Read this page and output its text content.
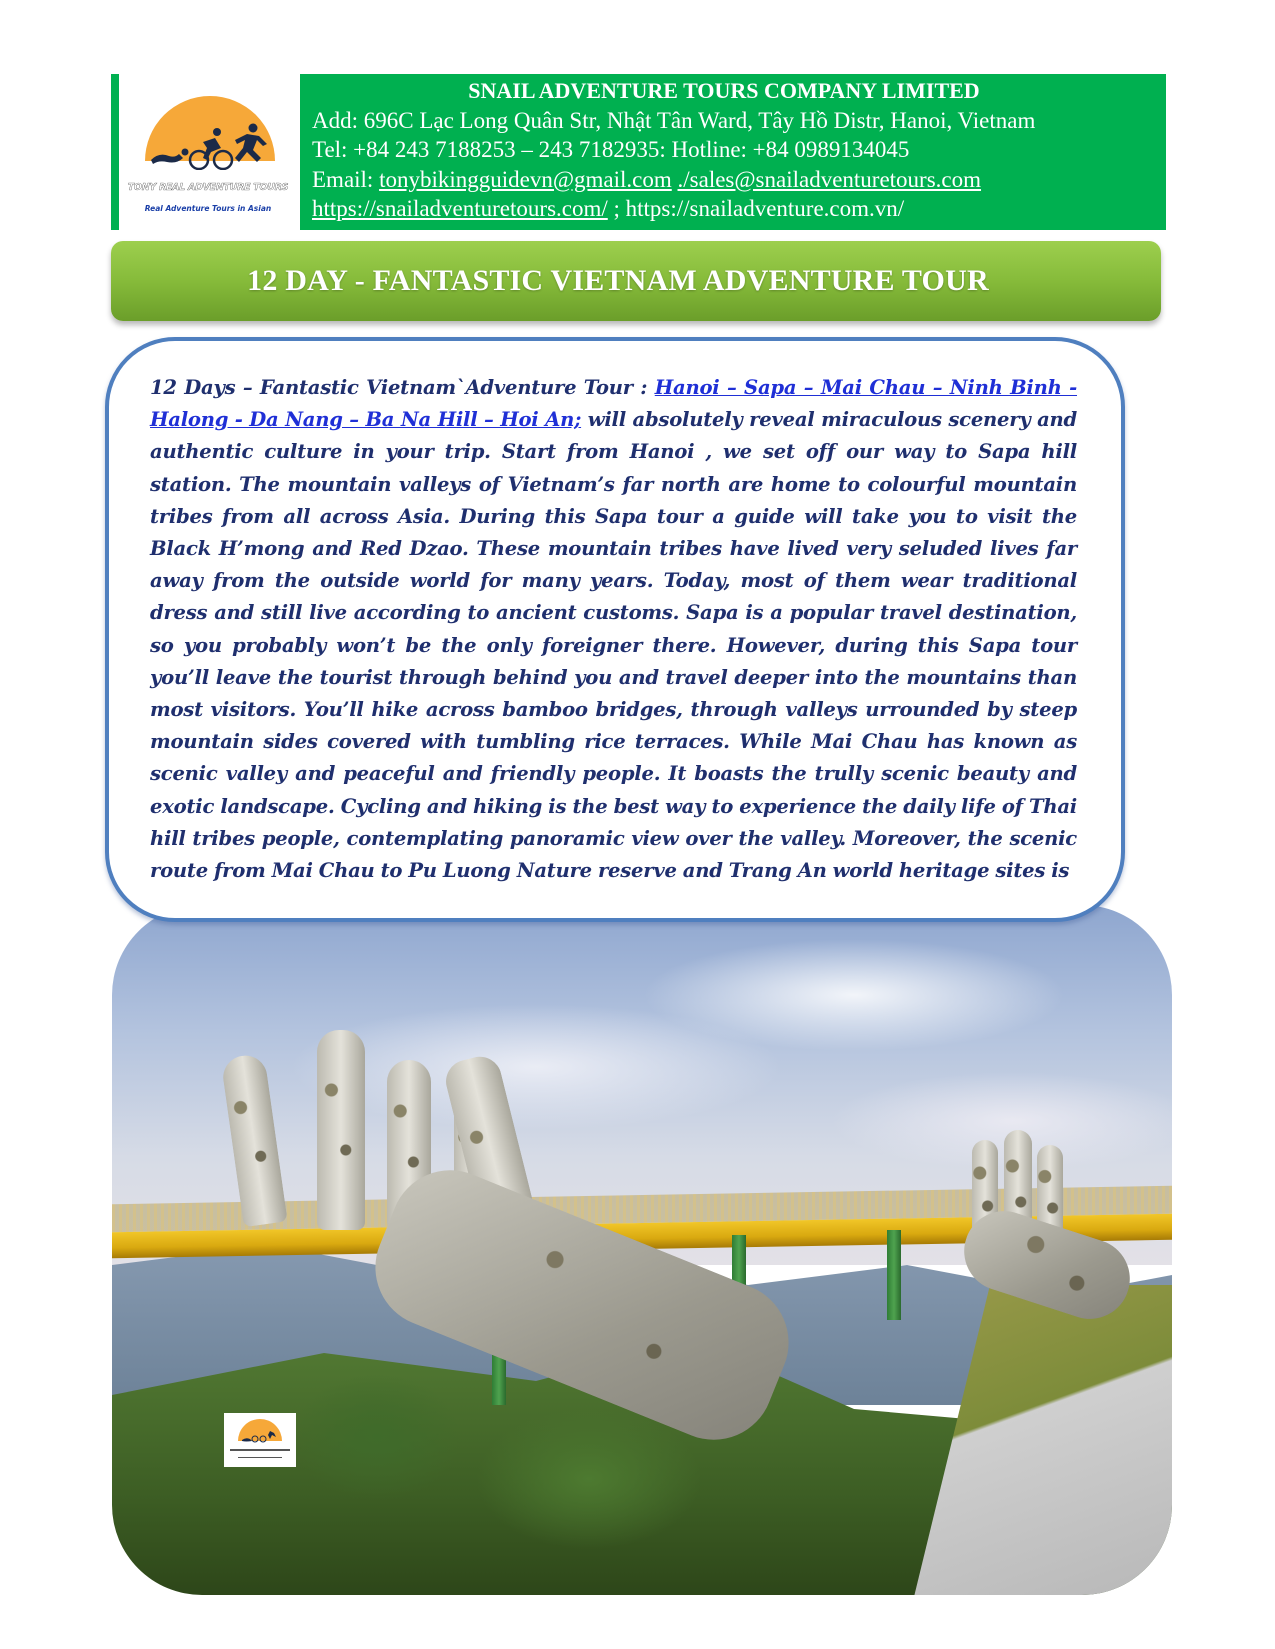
TONY REAL ADVENTURE TOURS
Real Adventure Tours in Asian
SNAIL ADVENTURE TOURS COMPANY LIMITED
Add: 696C Lạc Long Quân Str, Nhật Tân Ward, Tây Hồ Distr, Hanoi, Vietnam
Tel: +84 243 7188253 – 243 7182935: Hotline: +84 0989134045
Email: tonybikingguidevn@gmail.com ./sales@snailadventuretours.com
https://snailadventuretours.com/ ; https://snailadventure.com.vn/
12 DAY - FANTASTIC VIETNAM ADVENTURE TOUR

12 Days – Fantastic Vietnam`Adventure Tour : Hanoi – Sapa – Mai Chau – Ninh Binh - Halong - Da Nang – Ba Na Hill – Hoi An; will absolutely reveal miraculous scenery and authentic culture in your trip. Start from Hanoi , we set off our way to Sapa hill station. The mountain valleys of Vietnam’s far north are home to colourful mountain tribes from all across Asia. During this Sapa tour a guide will take you to visit the Black H’mong and Red Dzao. These mountain tribes have lived very seluded lives far away from the outside world for many years. Today, most of them wear traditional dress and still live according to ancient customs. Sapa is a popular travel destination, so you probably won’t be the only foreigner there. However, during this Sapa tour you’ll leave the tourist through behind you and travel deeper into the mountains than most visitors. You’ll hike across bamboo bridges, through valleys urrounded by steep mountain sides covered with tumbling rice terraces. While Mai Chau has known as scenic valley and peaceful and friendly people. It boasts the trully scenic beauty and exotic landscape. Cycling and hiking is the best way to experience the daily life of Thai hill tribes people, contemplating panoramic view over the valley. Moreover, the scenic route from Mai Chau to Pu Luong Nature reserve and Trang An world heritage sites is
